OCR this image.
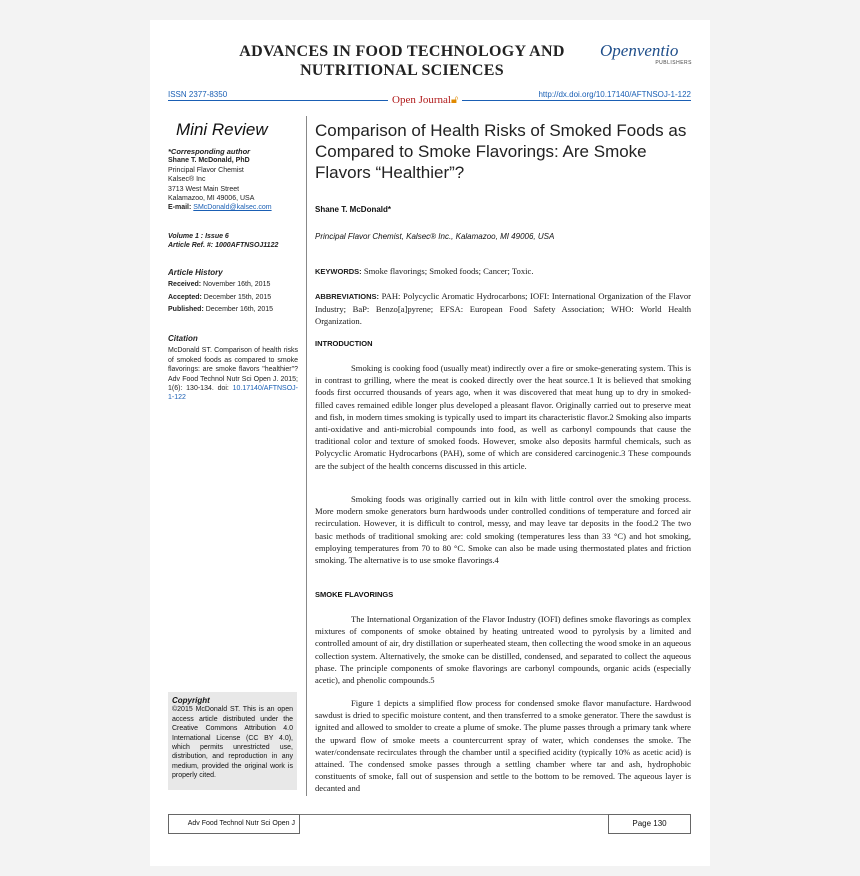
ADVANCES IN FOOD TECHNOLOGY AND NUTRITIONAL SCIENCES
Openventio
PUBLISHERS
ISSN 2377-8350	Open Journal🔓︎	http://dx.doi.org/10.17140/AFTNSOJ-1-122
Mini Review
*Corresponding author
Shane T. McDonald, PhD
Principal Flavor Chemist
Kalsec® Inc
3713 West Main Street
Kalamazoo, MI 49006, USA
E-mail: SMcDonald@kalsec.com
Volume 1 : Issue 6
Article Ref. #: 1000AFTNSOJ1122
Article History
Received: November 16th, 2015
Accepted: December 15th, 2015
Published: December 16th, 2015
Citation
McDonald ST. Comparison of health risks of smoked foods as compared to smoke flavorings: are smoke flavors "healthier"? Adv Food Technol Nutr Sci Open J. 2015; 1(6): 130-134. doi: 10.17140/AFTNSOJ-1-122
Copyright
©2015 McDonald ST. This is an open access article distributed under the Creative Commons Attribution 4.0 International License (CC BY 4.0), which permits unrestricted use, distribution, and reproduction in any medium, provided the original work is properly cited.
Comparison of Health Risks of Smoked Foods as Compared to Smoke Flavorings: Are Smoke Flavors “Healthier”?
Shane T. McDonald*
Principal Flavor Chemist, Kalsec® Inc., Kalamazoo, MI 49006, USA
KEYWORDS: Smoke flavorings; Smoked foods; Cancer; Toxic.
ABBREVIATIONS: PAH: Polycyclic Aromatic Hydrocarbons; IOFI: International Organization of the Flavor Industry; BaP: Benzo[a]pyrene; EFSA: European Food Safety Association; WHO: World Health Organization.
INTRODUCTION
Smoking is cooking food (usually meat) indirectly over a fire or smoke-generating system. This is in contrast to grilling, where the meat is cooked directly over the heat source.1 It is believed that smoking foods first occurred thousands of years ago, when it was discovered that meat hung up to dry in smoked-filled caves remained edible longer plus developed a pleasant flavor. Originally carried out to preserve meat and fish, in modern times smoking is typically used to impart its characteristic flavor.2 Smoking also imparts anti-oxidative and anti-microbial compounds into food, as well as carbonyl compounds that cause the traditional color and texture of smoked foods. However, smoke also deposits harmful chemicals, such as Polycyclic Aromatic Hydrocarbons (PAH), some of which are considered carcinogenic.3 These compounds are the subject of the health concerns discussed in this article.
Smoking foods was originally carried out in kiln with little control over the smoking process. More modern smoke generators burn hardwoods under controlled conditions of temperature and forced air recirculation. However, it is difficult to control, messy, and may leave tar deposits in the food.2 The two basic methods of traditional smoking are: cold smoking (temperatures less than 33 °C) and hot smoking, employing temperatures from 70 to 80 °C. Smoke can also be made using thermostated plates and friction smoking. The alternative is to use smoke flavorings.4
SMOKE FLAVORINGS
The International Organization of the Flavor Industry (IOFI) defines smoke flavorings as complex mixtures of components of smoke obtained by heating untreated wood to pyrolysis by a limited and controlled amount of air, dry distillation or superheated steam, then collecting the wood smoke in an aqueous collection system. Alternatively, the smoke can be distilled, condensed, and separated to collect the aqueous phase. The principle components of smoke flavorings are carbonyl compounds, organic acids (especially acetic), and phenolic compounds.5
Figure 1 depicts a simplified flow process for condensed smoke flavor manufacture. Hardwood sawdust is dried to specific moisture content, and then transferred to a smoke generator. There the sawdust is ignited and allowed to smolder to create a plume of smoke. The plume passes through a primary tank where the upward flow of smoke meets a countercurrent spray of water, which condenses the smoke. The water/condensate recirculates through the chamber until a specified acidity (typically 10% as acetic acid) is attained. The condensed smoke passes through a settling chamber where tar and ash, hydrophobic constituents of smoke, fall out of suspension and settle to the bottom to be removed. The aqueous layer is decanted and
Adv Food Technol Nutr Sci Open J	Page 130
